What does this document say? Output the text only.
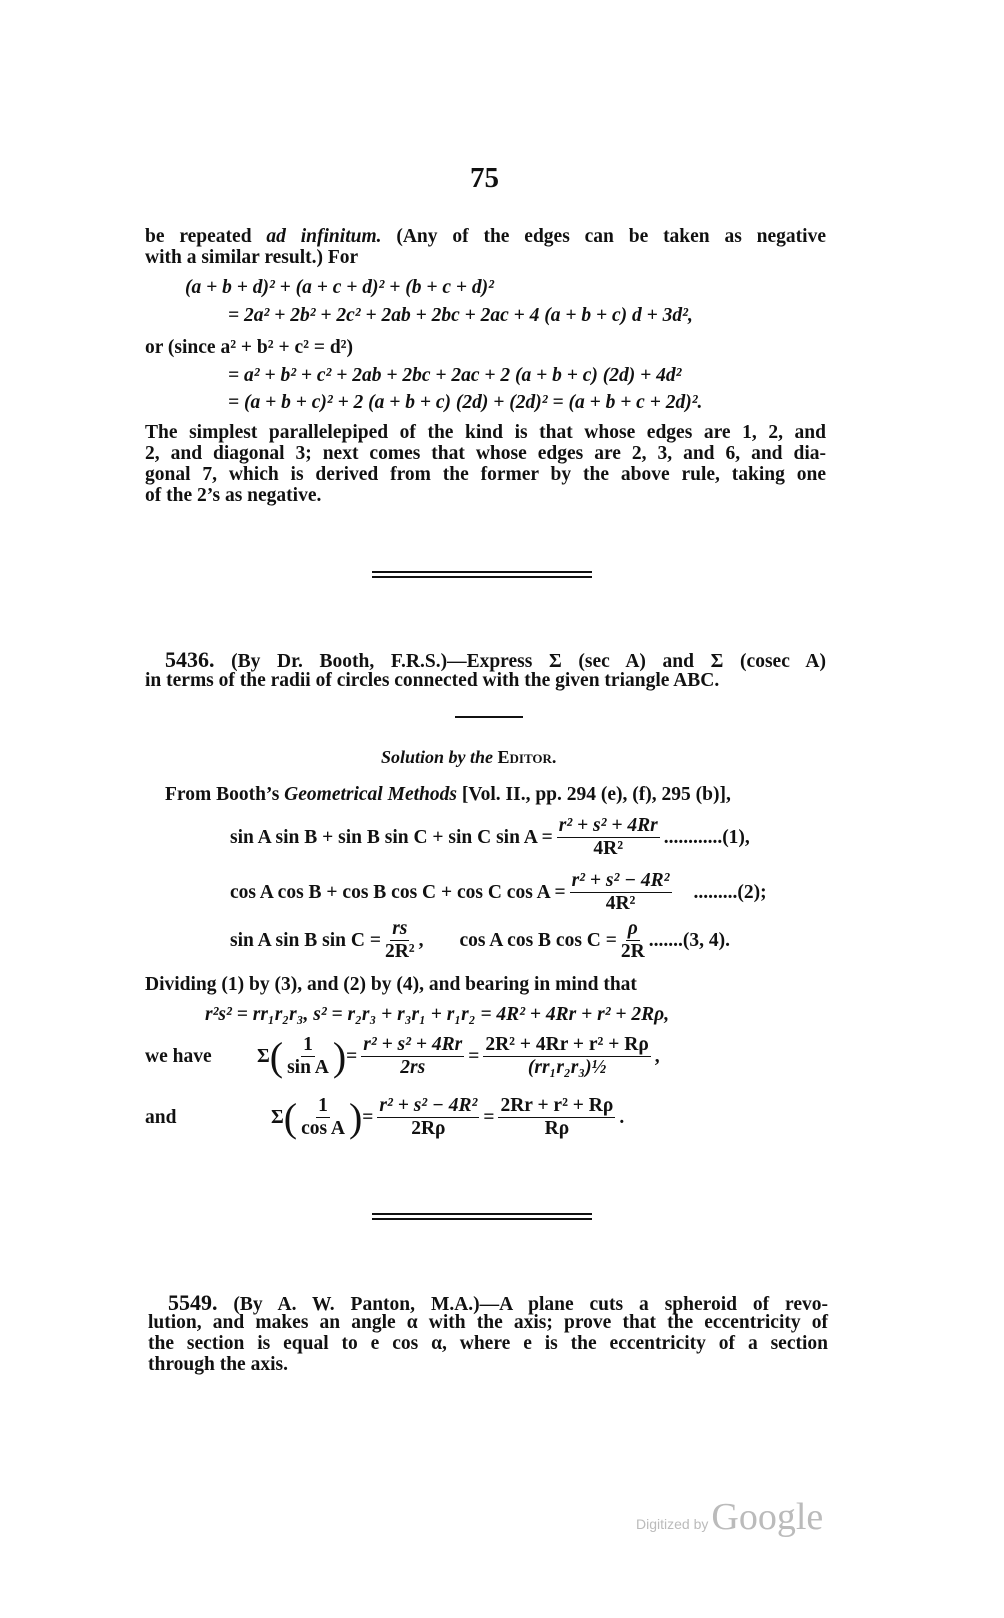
75
be repeated ad infinitum. (Any of the edges can be taken as negative
with a similar result.) For
(a + b + d)² + (a + c + d)² + (b + c + d)²
= 2a² + 2b² + 2c² + 2ab + 2bc + 2ac + 4 (a + b + c) d + 3d²,
or (since a² + b² + c² = d²)
= a² + b² + c² + 2ab + 2bc + 2ac + 2 (a + b + c) (2d) + 4d²
= (a + b + c)² + 2 (a + b + c) (2d) + (2d)² = (a + b + c + 2d)².
The simplest parallelepiped of the kind is that whose edges are 1, 2, and
2, and diagonal 3; next comes that whose edges are 2, 3, and 6, and dia-
gonal 7, which is derived from the former by the above rule, taking one
of the 2’s as negative.
5436. (By Dr. Booth, F.R.S.)—Express Σ (sec A) and Σ (cosec A)
in terms of the radii of circles connected with the given triangle ABC.
Solution by the Editor.
From Booth’s Geometrical Methods [Vol. II., pp. 294 (e), (f), 295 (b)],
sin A sin B + sin B sin C + sin C $\sin A = \frac{\text{r² + s² + 4Rr}}{\text{4R²}} ............(1)$,
cos A cos B + cos B cos C + cos C $\cos A = \frac{\text{r² + s² − 4R²}}{\text{4R²}} .........(2)$;
sin A sin B $\sin C = \frac{rs}{\text{2R²}}$ , cos A cos B $\cos C = \frac{\rho}{2R} .......(3$, 4).
Dividing (1) by (3), and (2) by (4), and bearing in mind that
r²s² = rr₁r₂r₃, s² = r₂r₃ + r₃r₁ + r₁r₂ = 4R² + 4Rr + r² + 2Rρ,
we have	Σ ( $\frac{1}{\text{sin A}}$ ) = $\frac{\text{r² + s² + 4Rr}}{2rs} = \frac{\text{2R² + 4Rr + r² + Rρ}}{\text{(rr₁r₂r₃)½}}$ ,
and	Σ ( $\frac{1}{\text{cos A}}$ ) = $\frac{\text{r² + s² − 4R²}}{2R\rho} = \frac{\text{2Rr + r² + Rρ}}{R\rho}$ .
5549. (By A. W. Panton, M.A.)—A plane cuts a spheroid of revo-
lution, and makes an angle α with the axis; prove that the eccentricity of
the section is equal to e cos α, where e is the eccentricity of a section
through the axis.
Digitized byGoogle
